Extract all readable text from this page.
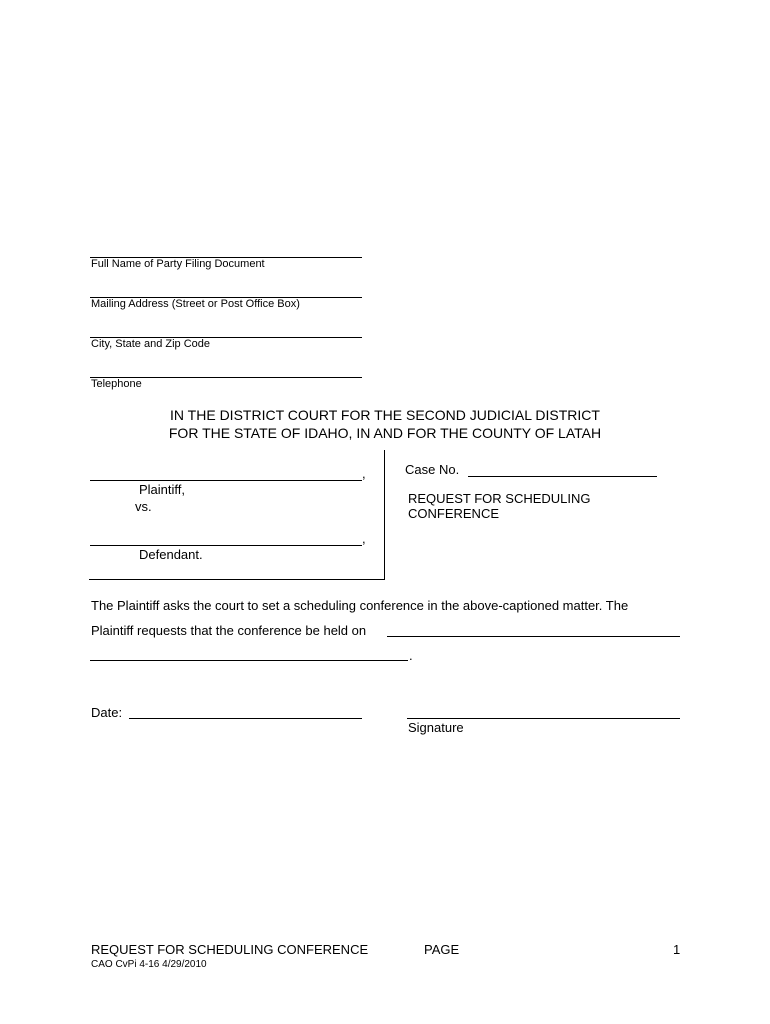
Full Name of Party Filing Document
Mailing Address (Street or Post Office Box)
City, State and Zip Code
Telephone
IN THE DISTRICT COURT FOR THE SECOND JUDICIAL DISTRICT
FOR THE STATE OF IDAHO, IN AND FOR THE COUNTY OF LATAH
,
Plaintiff,
vs.
,
Defendant.
Case No.
REQUEST FOR SCHEDULING
CONFERENCE
The Plaintiff asks the court to set a scheduling conference in the above-captioned matter. The
Plaintiff requests that the conference be held on
.
Date:
Signature
REQUEST FOR SCHEDULING CONFERENCE	PAGE	1
CAO CvPi 4-16 4/29/2010
